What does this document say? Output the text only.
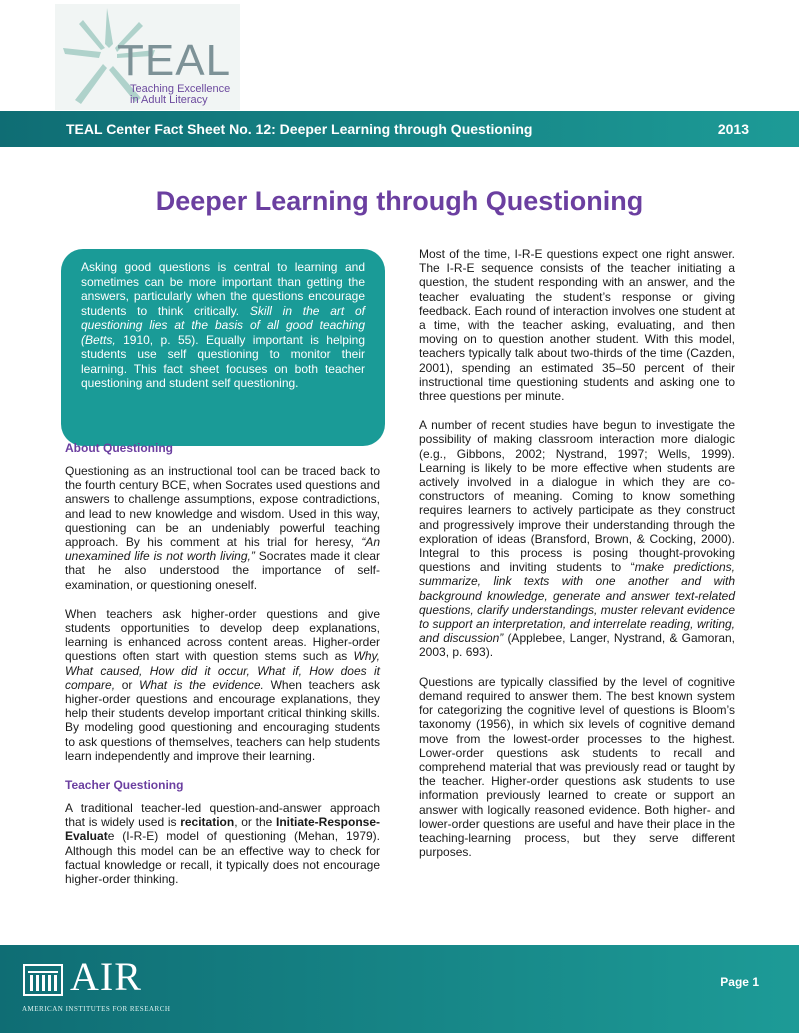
TEAL
Teaching Excellence
in Adult Literacy
TEAL Center Fact Sheet No. 12: Deeper Learning through Questioning	2013
Deeper Learning through Questioning
Asking good questions is central to learning and sometimes can be more important than getting the answers, particularly when the questions encourage students to think critically. Skill in the art of questioning lies at the basis of all good teaching (Betts, 1910, p. 55). Equally important is helping students use self questioning to monitor their learning. This fact sheet focuses on both teacher questioning and student self questioning.
About Questioning

Questioning as an instructional tool can be traced back to the fourth century BCE, when Socrates used questions and answers to challenge assumptions, expose contradictions, and lead to new knowledge and wisdom. Used in this way, questioning can be an undeniably powerful teaching approach. By his comment at his trial for heresy, “An unexamined life is not worth living,” Socrates made it clear that he also understood the importance of self-examination, or questioning oneself.

When teachers ask higher-order questions and give students opportunities to develop deep explanations, learning is enhanced across content areas. Higher-order questions often start with question stems such as Why, What caused, How did it occur, What if, How does it compare, or What is the evidence. When teachers ask higher-order questions and encourage explanations, they help their students develop important critical thinking skills. By modeling good questioning and encouraging students to ask questions of themselves, teachers can help students learn independently and improve their learning.

Teacher Questioning

A traditional teacher-led question-and-answer approach that is widely used is recitation, or the Initiate-Response-Evaluate (I-R-E) model of questioning (Mehan, 1979). Although this model can be an effective way to check for factual knowledge or recall, it typically does not encourage higher-order thinking.

Most of the time, I-R-E questions expect one right answer. The I-R-E sequence consists of the teacher initiating a question, the student responding with an answer, and the teacher evaluating the student’s response or giving feedback. Each round of interaction involves one student at a time, with the teacher asking, evaluating, and then moving on to question another student. With this model, teachers typically talk about two-thirds of the time (Cazden, 2001), spending an estimated 35–50 percent of their instructional time questioning students and asking one to three questions per minute.

A number of recent studies have begun to investigate the possibility of making classroom interaction more dialogic (e.g., Gibbons, 2002; Nystrand, 1997; Wells, 1999). Learning is likely to be more effective when students are actively involved in a dialogue in which they are co-constructors of meaning. Coming to know something requires learners to actively participate as they construct and progressively improve their understanding through the exploration of ideas (Bransford, Brown, & Cocking, 2000). Integral to this process is posing thought-provoking questions and inviting students to “make predictions, summarize, link texts with one another and with background knowledge, generate and answer text-related questions, clarify understandings, muster relevant evidence to support an interpretation, and interrelate reading, writing, and discussion” (Applebee, Langer, Nystrand, & Gamoran, 2003, p. 693).

Questions are typically classified by the level of cognitive demand required to answer them. The best known system for categorizing the cognitive level of questions is Bloom’s taxonomy (1956), in which six levels of cognitive demand move from the lowest-order processes to the highest. Lower-order questions ask students to recall and comprehend material that was previously read or taught by the teacher. Higher-order questions ask students to use information previously learned to create or support an answer with logically reasoned evidence. Both higher- and lower-order questions are useful and have their place in the teaching-learning process, but they serve different purposes.

AIR
AMERICAN INSTITUTES FOR RESEARCH
Page 1
